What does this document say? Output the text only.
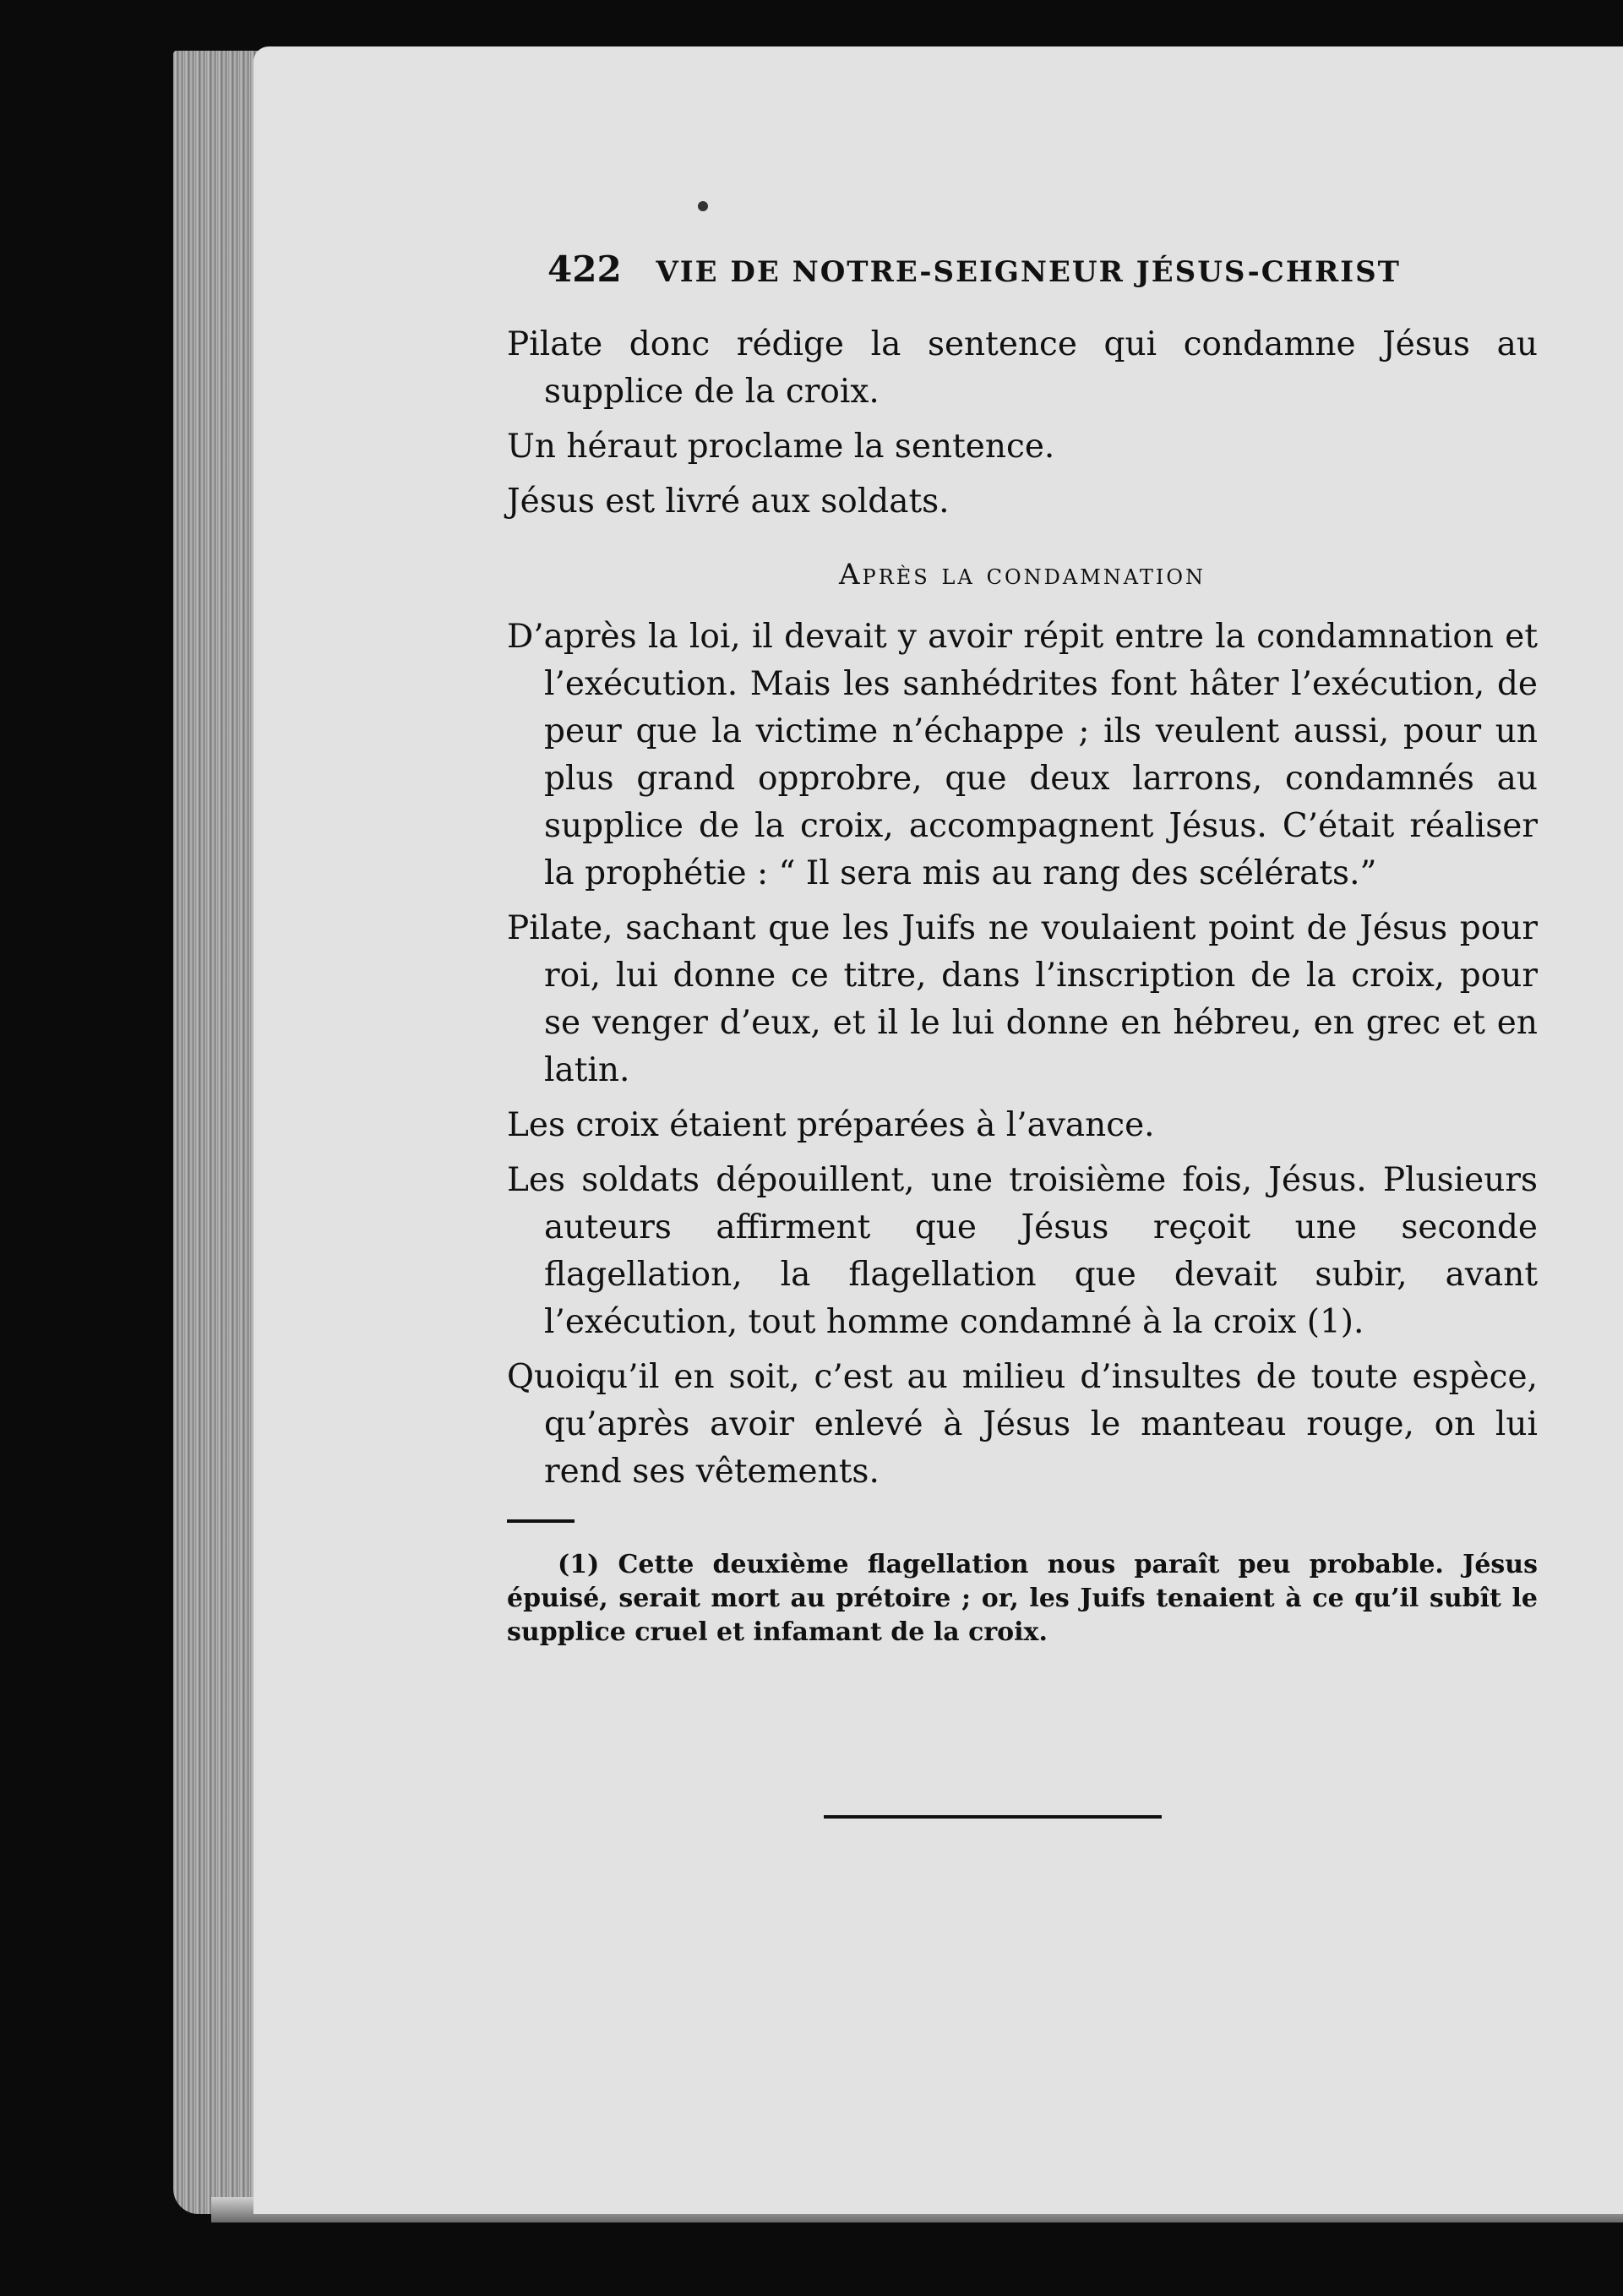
422	VIE DE NOTRE-SEIGNEUR JÉSUS-CHRIST

Pilate donc rédige la sentence qui condamne Jésus au supplice de la croix.

Un héraut proclame la sentence.

Jésus est livré aux soldats.

Après la condamnation

D’après la loi, il devait y avoir répit entre la condamnation et l’exécution. Mais les sanhédrites font hâter l’exécution, de peur que la victime n’échappe ; ils veulent aussi, pour un plus grand opprobre, que deux larrons, condamnés au supplice de la croix, accompagnent Jésus. C’était réaliser la prophétie : “ Il sera mis au rang des scélérats.”

Pilate, sachant que les Juifs ne voulaient point de Jésus pour roi, lui donne ce titre, dans l’inscription de la croix, pour se venger d’eux, et il le lui donne en hébreu, en grec et en latin.

Les croix étaient préparées à l’avance.

Les soldats dépouillent, une troisième fois, Jésus. Plusieurs auteurs affirment que Jésus reçoit une seconde flagellation, la flagellation que devait subir, avant l’exécution, tout homme condamné à la croix (1).

Quoiqu’il en soit, c’est au milieu d’insultes de toute espèce, qu’après avoir enlevé à Jésus le manteau rouge, on lui rend ses vêtements.

(1) Cette deuxième flagellation nous paraît peu probable. Jésus épuisé, serait mort au prétoire ; or, les Juifs tenaient à ce qu’il subît le supplice cruel et infamant de la croix.
